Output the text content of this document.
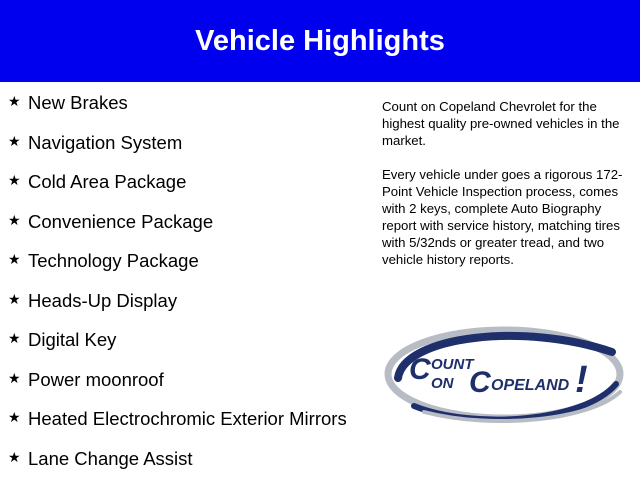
Vehicle Highlights
★ New Brakes
★ Navigation System
★ Cold Area Package
★ Convenience Package
★ Technology Package
★ Heads-Up Display
★ Digital Key
★ Power moonroof
★ Heated Electrochromic Exterior Mirrors
★ Lane Change Assist

Count on Copeland Chevrolet for the highest quality pre-owned vehicles in the market.

Every vehicle under goes a rigorous 172-Point Vehicle Inspection process, comes with 2 keys, complete Auto Biography report with service history, matching tires with 5/32nds or greater tread, and two vehicle history reports.

C OUNT
ON C OPELAND !
